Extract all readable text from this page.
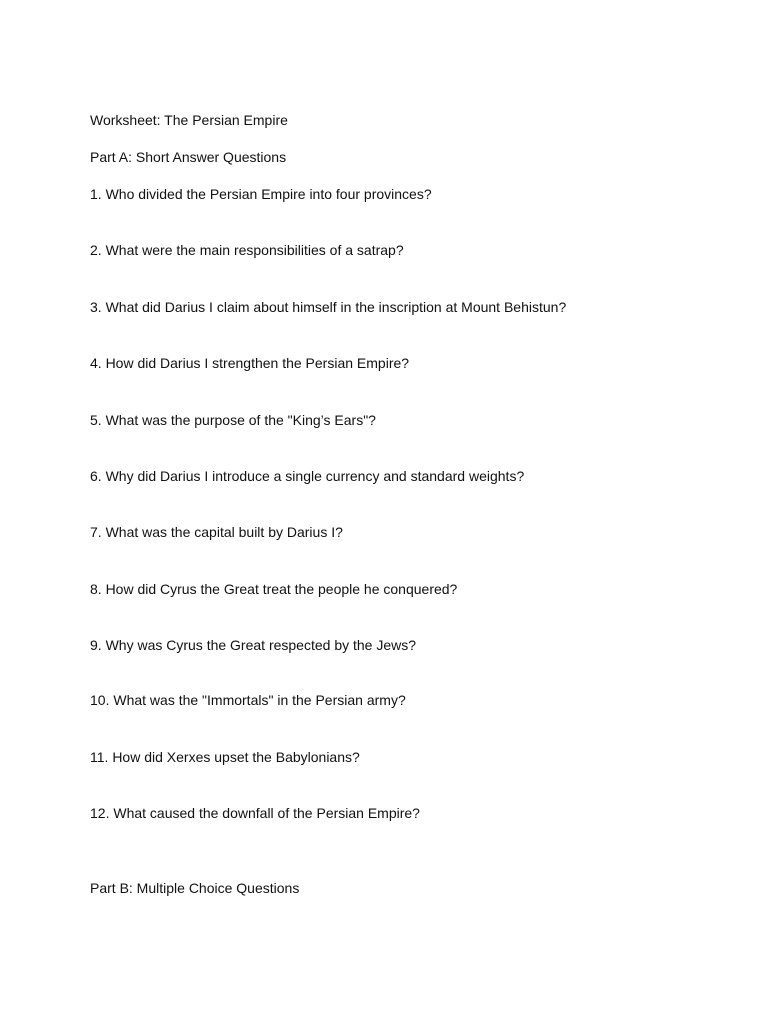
Worksheet: The Persian Empire
Part A: Short Answer Questions
1. Who divided the Persian Empire into four provinces?
2. What were the main responsibilities of a satrap?
3. What did Darius I claim about himself in the inscription at Mount Behistun?
4. How did Darius I strengthen the Persian Empire?
5. What was the purpose of the "King’s Ears"?
6. Why did Darius I introduce a single currency and standard weights?
7. What was the capital built by Darius I?
8. How did Cyrus the Great treat the people he conquered?
9. Why was Cyrus the Great respected by the Jews?
10. What was the "Immortals" in the Persian army?
11. How did Xerxes upset the Babylonians?
12. What caused the downfall of the Persian Empire?
Part B: Multiple Choice Questions
